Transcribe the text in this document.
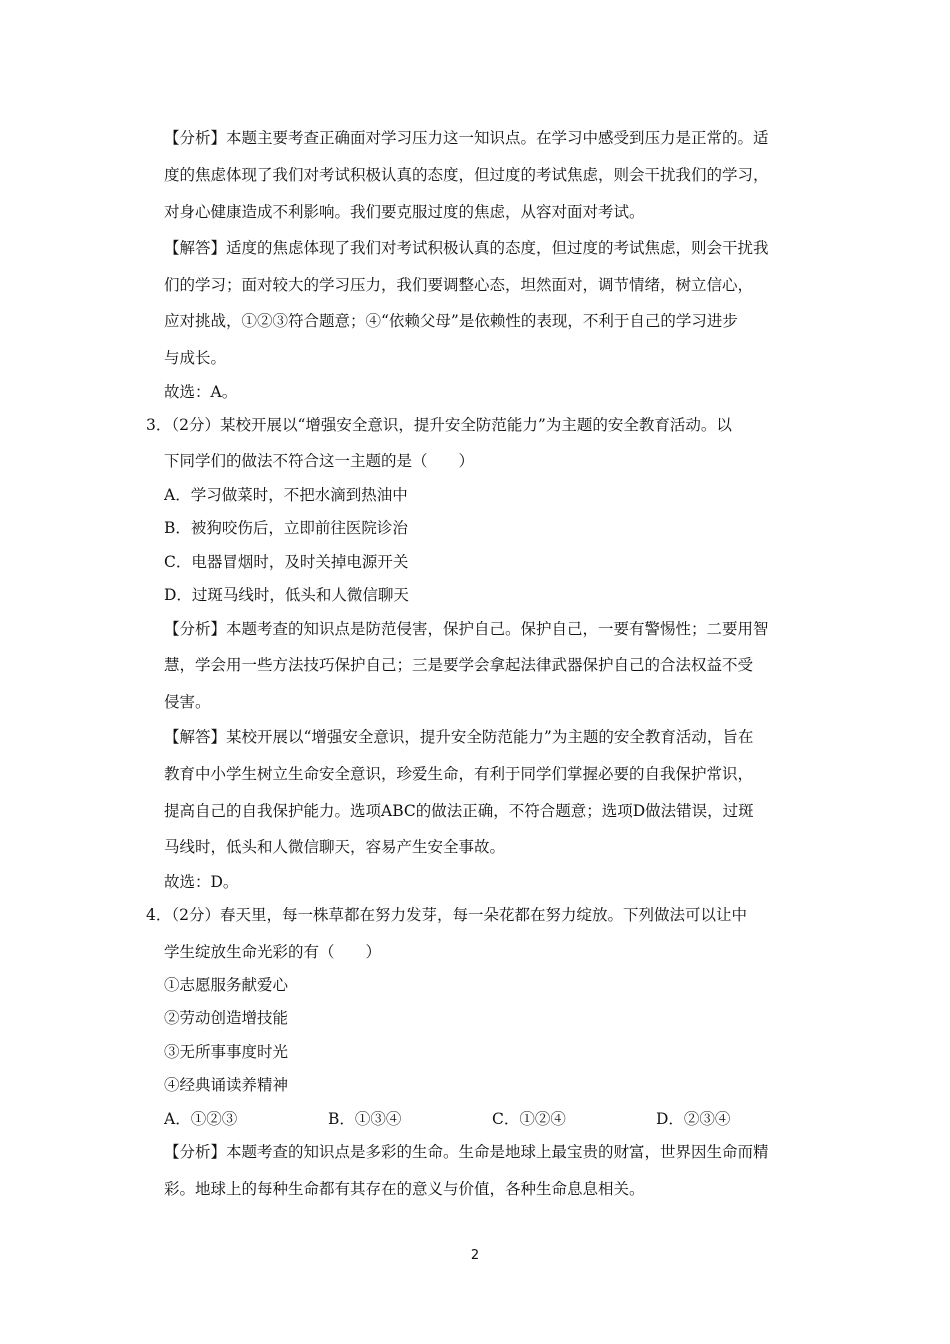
【分析】本题主要考查正确面对学习压力这一知识点。在学习中感受到压力是正常的。适
度的焦虑体现了我们对考试积极认真的态度，但过度的考试焦虑，则会干扰我们的学习，
对身心健康造成不利影响。我们要克服过度的焦虑，从容对面对考试。
【解答】适度的焦虑体现了我们对考试积极认真的态度，但过度的考试焦虑，则会干扰我
们的学习；面对较大的学习压力，我们要调整心态，坦然面对，调节情绪，树立信心，
应对挑战，①②③符合题意；④“依赖父母”是依赖性的表现，不利于自己的学习进步
与成长。
故选：A。
3．（2分）某校开展以“增强安全意识，提升安全防范能力”为主题的安全教育活动。以
下同学们的做法不符合这一主题的是（　　）
A．学习做菜时，不把水滴到热油中
B．被狗咬伤后，立即前往医院诊治
C．电器冒烟时，及时关掉电源开关
D．过斑马线时，低头和人微信聊天
【分析】本题考查的知识点是防范侵害，保护自己。保护自己，一要有警惕性；二要用智
慧，学会用一些方法技巧保护自己；三是要学会拿起法律武器保护自己的合法权益不受
侵害。
【解答】某校开展以“增强安全意识，提升安全防范能力”为主题的安全教育活动，旨在
教育中小学生树立生命安全意识，珍爱生命，有利于同学们掌握必要的自我保护常识，
提高自己的自我保护能力。选项ABC的做法正确，不符合题意；选项D做法错误，过斑
马线时，低头和人微信聊天，容易产生安全事故。
故选：D。
4．（2分）春天里，每一株草都在努力发芽，每一朵花都在努力绽放。下列做法可以让中
学生绽放生命光彩的有（　　）
①志愿服务献爱心
②劳动创造增技能
③无所事事度时光
④经典诵读养精神
A．①②③	B．①③④	C．①②④	D．②③④
【分析】本题考查的知识点是多彩的生命。生命是地球上最宝贵的财富，世界因生命而精
彩。地球上的每种生命都有其存在的意义与价值，各种生命息息相关。
2
